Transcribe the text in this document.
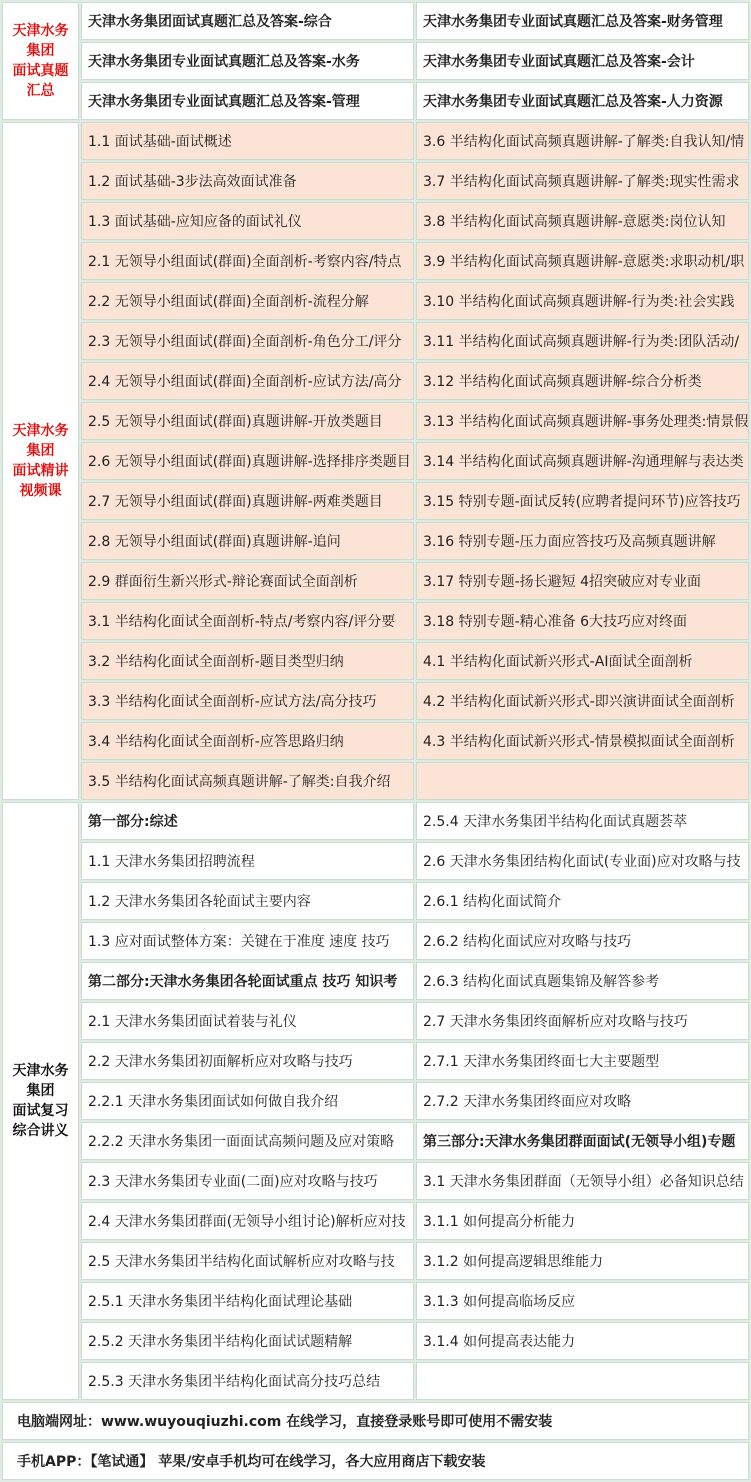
天津水务
集团
面试真题
汇总	天津水务集团面试真题汇总及答案-综合	天津水务集团专业面试真题汇总及答案-财务管理
	天津水务集团专业面试真题汇总及答案-水务	天津水务集团专业面试真题汇总及答案-会计
	天津水务集团专业面试真题汇总及答案-管理	天津水务集团专业面试真题汇总及答案-人力资源

天津水务
集团
面试精讲
视频课	1.1 面试基础-面试概述	3.6 半结构化面试高频真题讲解-了解类:自我认知/情
	1.2 面试基础-3步法高效面试准备	3.7 半结构化面试高频真题讲解-了解类:现实性需求
	1.3 面试基础-应知应备的面试礼仪	3.8 半结构化面试高频真题讲解-意愿类:岗位认知
	2.1 无领导小组面试(群面)全面剖析-考察内容/特点	3.9 半结构化面试高频真题讲解-意愿类:求职动机/职
	2.2 无领导小组面试(群面)全面剖析-流程分解	3.10 半结构化面试高频真题讲解-行为类:社会实践
	2.3 无领导小组面试(群面)全面剖析-角色分工/评分	3.11 半结构化面试高频真题讲解-行为类:团队活动/
	2.4 无领导小组面试(群面)全面剖析-应试方法/高分	3.12 半结构化面试高频真题讲解-综合分析类
	2.5 无领导小组面试(群面)真题讲解-开放类题目	3.13 半结构化面试高频真题讲解-事务处理类:情景假
	2.6 无领导小组面试(群面)真题讲解-选择排序类题目	3.14 半结构化面试高频真题讲解-沟通理解与表达类
	2.7 无领导小组面试(群面)真题讲解-两难类题目	3.15 特别专题-面试反转(应聘者提问环节)应答技巧
	2.8 无领导小组面试(群面)真题讲解-追问	3.16 特别专题-压力面应答技巧及高频真题讲解
	2.9 群面衍生新兴形式-辩论赛面试全面剖析	3.17 特别专题-扬长避短 4招突破应对专业面
	3.1 半结构化面试全面剖析-特点/考察内容/评分要	3.18 特别专题-精心准备 6大技巧应对终面
	3.2 半结构化面试全面剖析-题目类型归纳	4.1 半结构化面试新兴形式-AI面试全面剖析
	3.3 半结构化面试全面剖析-应试方法/高分技巧	4.2 半结构化面试新兴形式-即兴演讲面试全面剖析
	3.4 半结构化面试全面剖析-应答思路归纳	4.3 半结构化面试新兴形式-情景模拟面试全面剖析
	3.5 半结构化面试高频真题讲解-了解类:自我介绍	

天津水务
集团
面试复习
综合讲义	第一部分:综述	2.5.4 天津水务集团半结构化面试真题荟萃
	1.1 天津水务集团招聘流程	2.6 天津水务集团结构化面试(专业面)应对攻略与技
	1.2 天津水务集团各轮面试主要内容	2.6.1 结构化面试简介
	1.3 应对面试整体方案：关键在于准度 速度 技巧	2.6.2 结构化面试应对攻略与技巧
	第二部分:天津水务集团各轮面试重点 技巧 知识考	2.6.3 结构化面试真题集锦及解答参考
	2.1 天津水务集团面试着装与礼仪	2.7 天津水务集团终面解析应对攻略与技巧
	2.2 天津水务集团初面解析应对攻略与技巧	2.7.1 天津水务集团终面七大主要题型
	2.2.1 天津水务集团面试如何做自我介绍	2.7.2 天津水务集团终面应对攻略
	2.2.2 天津水务集团一面面试高频问题及应对策略	第三部分:天津水务集团群面面试(无领导小组)专题
	2.3 天津水务集团专业面(二面)应对攻略与技巧	3.1 天津水务集团群面（无领导小组）必备知识总结
	2.4 天津水务集团群面(无领导小组讨论)解析应对技	3.1.1 如何提高分析能力
	2.5 天津水务集团半结构化面试解析应对攻略与技	3.1.2 如何提高逻辑思维能力
	2.5.1 天津水务集团半结构化面试理论基础	3.1.3 如何提高临场反应
	2.5.2 天津水务集团半结构化面试试题精解	3.1.4 如何提高表达能力
	2.5.3 天津水务集团半结构化面试高分技巧总结	
电脑端网址：www.wuyouqiuzhi.com 在线学习，直接登录账号即可使用不需安装		
手机APP：【笔试通】 苹果/安卓手机均可在线学习，各大应用商店下载安装		
